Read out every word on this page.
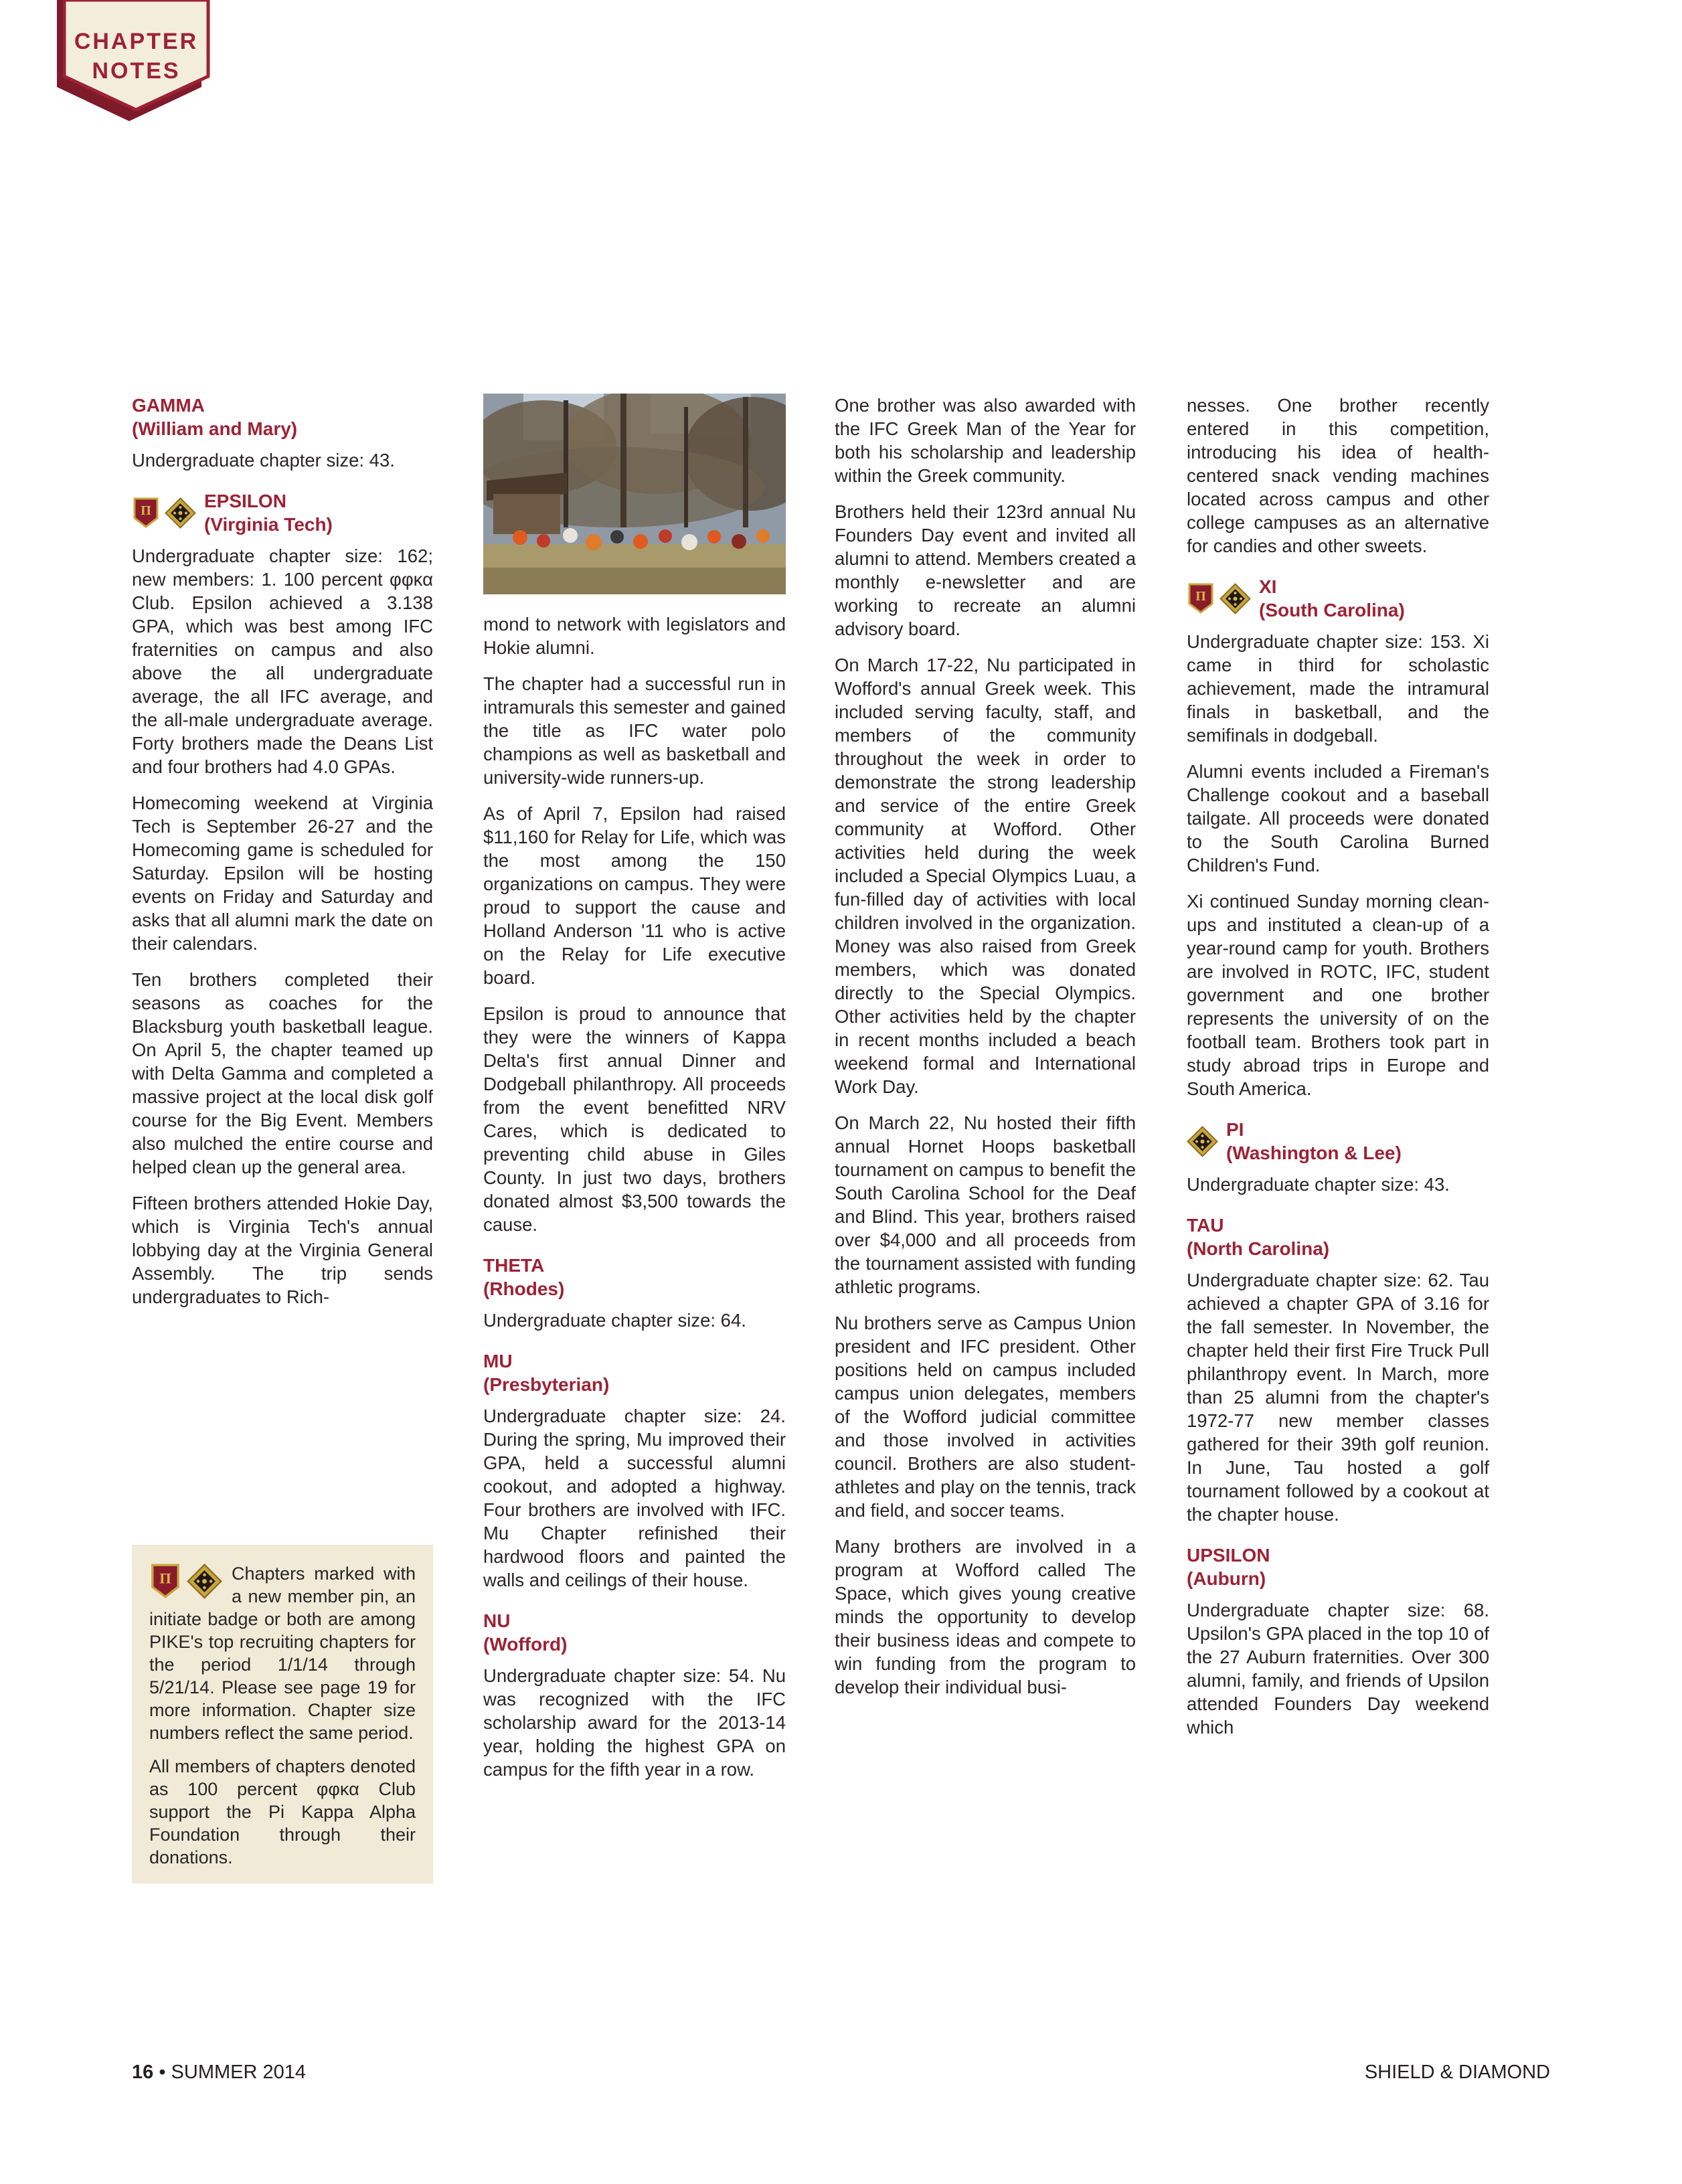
CHAPTER
NOTES
GAMMA
(William and Mary)

Undergraduate chapter size: 43.

EPSILON
(Virginia Tech)

Undergraduate chapter size: 162; new members: 1. 100 percent φφκα Club. Epsilon achieved a 3.138 GPA, which was best among IFC fraternities on campus and also above the all undergraduate average, the all IFC average, and the all-male undergraduate average. Forty brothers made the Deans List and four brothers had 4.0 GPAs.

Homecoming weekend at Virginia Tech is September 26-27 and the Homecoming game is scheduled for Saturday. Epsilon will be hosting events on Friday and Saturday and asks that all alumni mark the date on their calendars.

Ten brothers completed their seasons as coaches for the Blacksburg youth basketball league. On April 5, the chapter teamed up with Delta Gamma and completed a massive project at the local disk golf course for the Big Event. Members also mulched the entire course and helped clean up the general area.

Fifteen brothers attended Hokie Day, which is Virginia Tech's annual lobbying day at the Virginia General Assembly. The trip sends undergraduates to Rich-

Chapters marked with a new member pin, an initiate badge or both are among PIKE's top recruiting chapters for the period 1/1/14 through 5/21/14. Please see page 19 for more information. Chapter size numbers reflect the same period.

All members of chapters denoted as 100 percent φφκα Club support the Pi Kappa Alpha Foundation through their donations.

mond to network with legislators and Hokie alumni.

The chapter had a successful run in intramurals this semester and gained the title as IFC water polo champions as well as basketball and university-wide runners-up.

As of April 7, Epsilon had raised $11,160 for Relay for Life, which was the most among the 150 organizations on campus. They were proud to support the cause and Holland Anderson '11 who is active on the Relay for Life executive board.

Epsilon is proud to announce that they were the winners of Kappa Delta's first annual Dinner and Dodgeball philanthropy. All proceeds from the event benefitted NRV Cares, which is dedicated to preventing child abuse in Giles County. In just two days, brothers donated almost $3,500 towards the cause.

THETA
(Rhodes)

Undergraduate chapter size: 64.

MU
(Presbyterian)

Undergraduate chapter size: 24. During the spring, Mu improved their GPA, held a successful alumni cookout, and adopted a highway. Four brothers are involved with IFC. Mu Chapter refinished their hardwood floors and painted the walls and ceilings of their house.

NU
(Wofford)

Undergraduate chapter size: 54. Nu was recognized with the IFC scholarship award for the 2013-14 year, holding the highest GPA on campus for the fifth year in a row.

One brother was also awarded with the IFC Greek Man of the Year for both his scholarship and leadership within the Greek community.

Brothers held their 123rd annual Nu Founders Day event and invited all alumni to attend. Members created a monthly e-newsletter and are working to recreate an alumni advisory board.

On March 17-22, Nu participated in Wofford's annual Greek week. This included serving faculty, staff, and members of the community throughout the week in order to demonstrate the strong leadership and service of the entire Greek community at Wofford. Other activities held during the week included a Special Olympics Luau, a fun-filled day of activities with local children involved in the organization. Money was also raised from Greek members, which was donated directly to the Special Olympics. Other activities held by the chapter in recent months included a beach weekend formal and International Work Day.

On March 22, Nu hosted their fifth annual Hornet Hoops basketball tournament on campus to benefit the South Carolina School for the Deaf and Blind. This year, brothers raised over $4,000 and all proceeds from the tournament assisted with funding athletic programs.

Nu brothers serve as Campus Union president and IFC president. Other positions held on campus included campus union delegates, members of the Wofford judicial committee and those involved in activities council. Brothers are also student-athletes and play on the tennis, track and field, and soccer teams.

Many brothers are involved in a program at Wofford called The Space, which gives young creative minds the opportunity to develop their business ideas and compete to win funding from the program to develop their individual busi-

nesses. One brother recently entered in this competition, introducing his idea of health-centered snack vending machines located across campus and other college campuses as an alternative for candies and other sweets.

XI
(South Carolina)

Undergraduate chapter size: 153. Xi came in third for scholastic achievement, made the intramural finals in basketball, and the semifinals in dodgeball.

Alumni events included a Fireman's Challenge cookout and a baseball tailgate. All proceeds were donated to the South Carolina Burned Children's Fund.

Xi continued Sunday morning clean-ups and instituted a clean-up of a year-round camp for youth. Brothers are involved in ROTC, IFC, student government and one brother represents the university of on the football team. Brothers took part in study abroad trips in Europe and South America.

PI
(Washington & Lee)

Undergraduate chapter size: 43.

TAU
(North Carolina)

Undergraduate chapter size: 62. Tau achieved a chapter GPA of 3.16 for the fall semester. In November, the chapter held their first Fire Truck Pull philanthropy event. In March, more than 25 alumni from the chapter's 1972-77 new member classes gathered for their 39th golf reunion. In June, Tau hosted a golf tournament followed by a cookout at the chapter house.

UPSILON
(Auburn)

Undergraduate chapter size: 68. Upsilon's GPA placed in the top 10 of the 27 Auburn fraternities. Over 300 alumni, family, and friends of Upsilon attended Founders Day weekend which

16 • SUMMER 2014	SHIELD & DIAMOND
